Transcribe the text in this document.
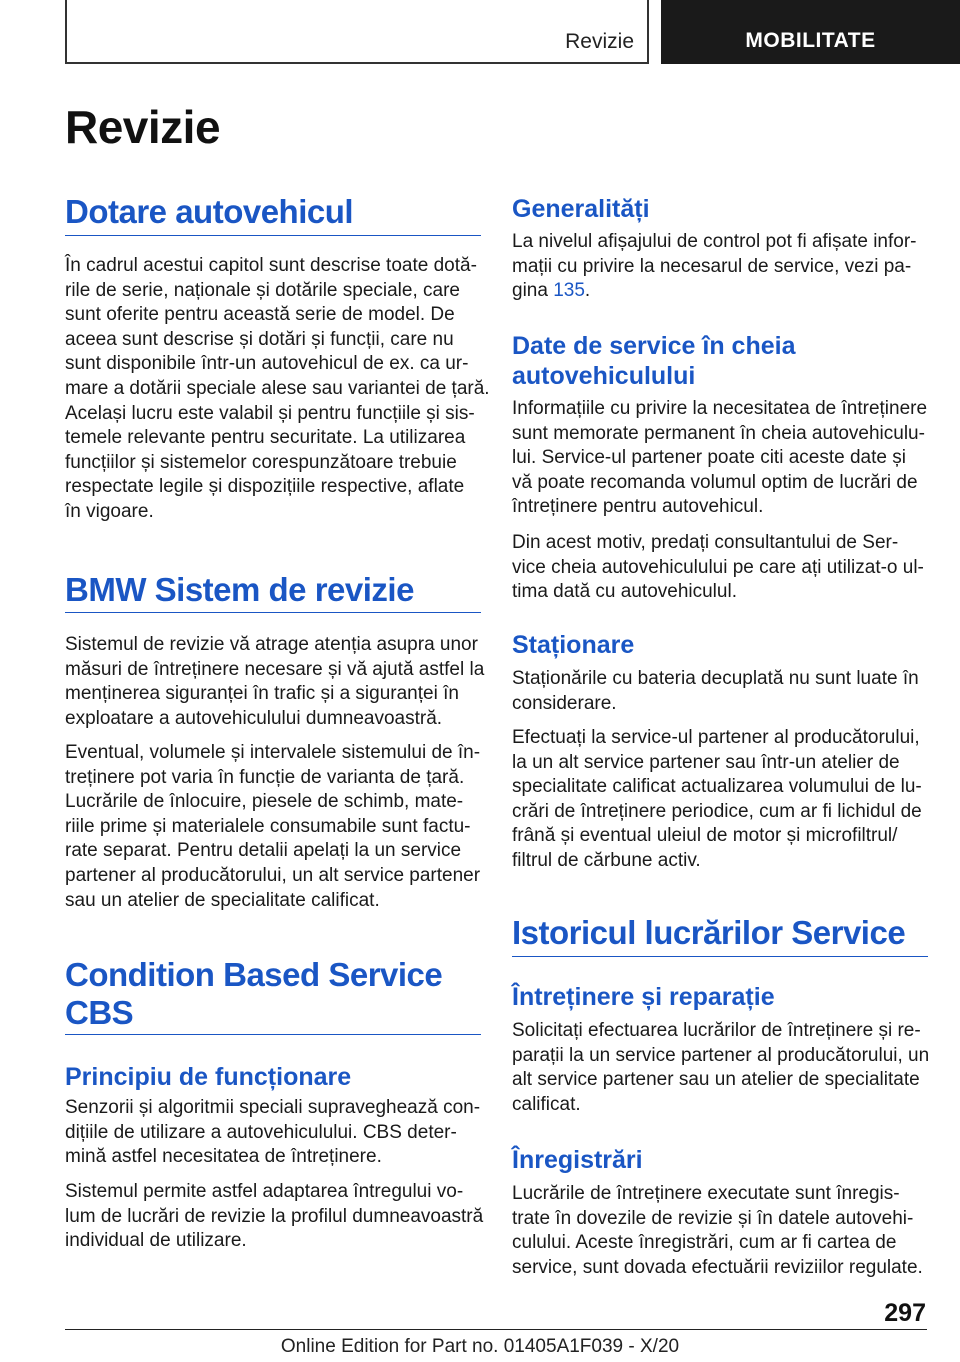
Revizie	MOBILITATE
Revizie
Dotare autovehicul
În cadrul acestui capitol sunt descrise toate dotă-
rile de serie, naționale și dotările speciale, care
sunt oferite pentru această serie de model. De
aceea sunt descrise și dotări și funcții, care nu
sunt disponibile într‐un autovehicul de ex. ca ur-
mare a dotării speciale alese sau variantei de țară.
Același lucru este valabil și pentru funcțiile și sis-
temele relevante pentru securitate. La utilizarea
funcțiilor și sistemelor corespunzătoare trebuie
respectate legile și dispozițiile respective, aflate
în vigoare.
BMW Sistem de revizie
Sistemul de revizie vă atrage atenția asupra unor
măsuri de întreținere necesare și vă ajută astfel la
menținerea siguranței în trafic și a siguranței în
exploatare a autovehiculului dumneavoastră.
Eventual, volumele și intervalele sistemului de în-
treținere pot varia în funcție de varianta de țară.
Lucrările de înlocuire, piesele de schimb, mate-
riile prime și materialele consumabile sunt factu-
rate separat. Pentru detalii apelați la un service
partener al producătorului, un alt service partener
sau un atelier de specialitate calificat.
Condition Based Service
CBS
Principiu de funcționare
Senzorii și algoritmii speciali supraveghează con-
dițiile de utilizare a autovehiculului. CBS deter-
mină astfel necesitatea de întreținere.
Sistemul permite astfel adaptarea întregului vo-
lum de lucrări de revizie la profilul dumneavoastră
individual de utilizare.
Generalități
La nivelul afișajului de control pot fi afișate infor-
mații cu privire la necesarul de service, vezi pa-
gina 135.
Date de service în cheia
autovehiculului
Informațiile cu privire la necesitatea de întreținere
sunt memorate permanent în cheia autovehiculu-
lui. Service‐ul partener poate citi aceste date și
vă poate recomanda volumul optim de lucrări de
întreținere pentru autovehicul.
Din acest motiv, predați consultantului de Ser-
vice cheia autovehiculului pe care ați utilizat‐o ul-
tima dată cu autovehiculul.
Staționare
Staționările cu bateria decuplată nu sunt luate în
considerare.
Efectuați la service‐ul partener al producătorului,
la un alt service partener sau într‐un atelier de
specialitate calificat actualizarea volumului de lu-
crări de întreținere periodice, cum ar fi lichidul de
frână și eventual uleiul de motor și microfiltrul/
filtrul de cărbune activ.
Istoricul lucrărilor Service
Întreținere și reparație
Solicitați efectuarea lucrărilor de întreținere și re-
parații la un service partener al producătorului, un
alt service partener sau un atelier de specialitate
calificat.
Înregistrări
Lucrările de întreținere executate sunt înregis-
trate în dovezile de revizie și în datele autovehi-
culului. Aceste înregistrări, cum ar fi cartea de
service, sunt dovada efectuării reviziilor regulate.
297
Online Edition for Part no. 01405A1F039 - X/20
